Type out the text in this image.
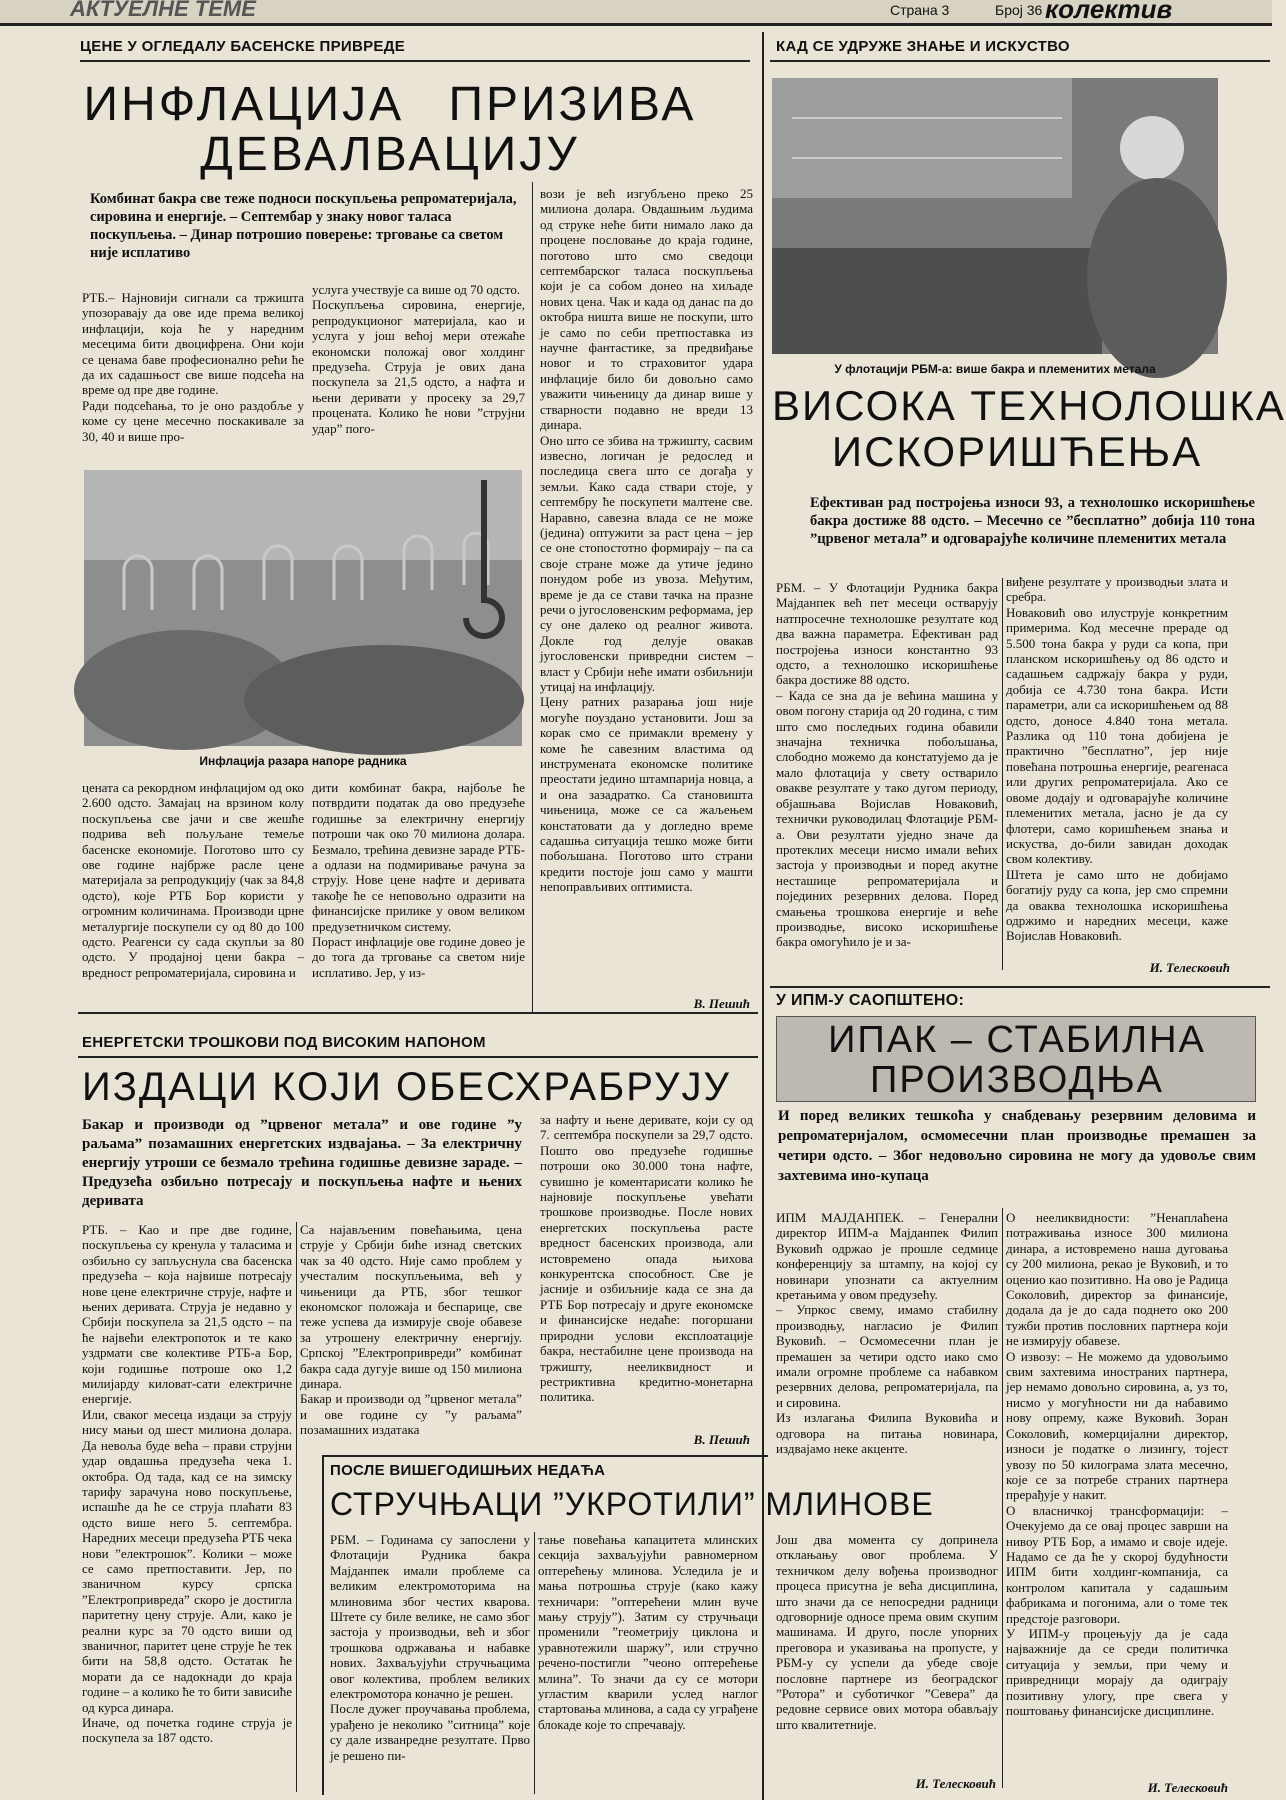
АКТУЕЛНЕ ТЕМЕ	Страна 3	Број 36 колектив
ЦЕНЕ У ОГЛЕДАЛУ БАСЕНСКЕ ПРИВРЕДЕ
ИНФЛАЦИЈА ПРИЗИВА
ДЕВАЛВАЦИЈУ
Комбинат бакра све теже подноси поскупљења репроматеријала, сировина и енергије. – Септембар у знаку новог таласа поскупљења. – Динар потрошио поверење: трговање са светом није исплативо
РТБ.– Најновији сигнали са тржишта упозоравају да ове иде према великој инфлацији, која ће у наредним месецима бити двоцифрена. Они који се ценама баве професионално рећи ће да их садашњост све више подсећа на време од пре две године.
Ради подсећања, то је оно раздобље у коме су цене месечно поскакивале за 30, 40 и више про-
услуга учествује са више од 70 одсто.
Поскупљења сировина, енергије, репродукционог материјала, као и услуга у још већој мери отежаће економски положај овог холдинг предузећа. Струја је ових дана поскупела за 21,5 одсто, а нафта и њени деривати у просеку за 29,7 процената. Колико ће нови ”струјни удар” пого-
Инфлација разара напоре радника
цената са рекордном инфлацијом од око 2.600 одсто. Замајац на врзином колу поскупљења све јачи и све жешће подрива већ пољуљане темеље басенске економије. Поготово што су ове године најбрже расле цене материјала за репродукцију (чак за 84,8 одсто), које РТБ Бор користи у огромним количинама. Производи црне металургије поскупели су од 80 до 100 одсто. Реагенси су сада скупљи за 80 одсто. У продајној цени бакра – вредност репроматеријала, сировина и
дити комбинат бакра, најбоље ће потврдити податак да ово предузеће годишње за електричну енергију потроши чак око 70 милиона долара. Безмало, трећина девизне зараде РТБ-а одлази на подмиривање рачуна за струју. Нове цене нафте и деривата такође ће се неповољно одразити на финансијске прилике у овом великом предузетничком систему.
Пораст инфлације ове године довео је до тога да трговање са светом није исплативо. Јер, у из-
вози је већ изгубљено преко 25 милиона долара. Овдашњим људима од струке неће бити нимало лако да процене пословање до краја године, поготово што смо сведоци септембарског таласа поскупљења који је са собом донео на хиљаде нових цена. Чак и када од данас па до октобра ништа више не поскупи, што је само по себи претпоставка из научне фантастике, за предвиђање новог и то страховитог удара инфлације било би довољно само уважити чињеницу да динар више у стварности подавно не вреди 13 динара.
Оно што се збива на тржишту, сасвим извесно, логичан је редослед и последица свега што се догађа у земљи. Како сада ствари стоје, у септембру ће поскупети малтене све. Наравно, савезна влада се не може (једина) оптужити за раст цена – јер се оне стопостотно формирају – па са своје стране може да утиче једино понудом робе из увоза. Међутим, време је да се стави тачка на празне речи о југословенским реформама, јер су оне далеко од реалног живота. Докле год делује овакав југословенски привредни систем – власт у Србији неће имати озбиљнији утицај на инфлацију.
Цену ратних разарања још није могуће поуздано установити. Још за корак смо се примакли времену у коме ће савезним властима од инструмената економске политике преостати једино штампарија новца, а и она зазадратко. Са становишта чињеница, може се са жаљењем констатовати да у догледно време садашња ситуација тешко може бити побољшана. Поготово што страни кредити постоје још само у машти непоправљивих оптимиста.
В. Пешић
КАД СЕ УДРУЖЕ ЗНАЊЕ И ИСКУСТВО
У флотацији РБМ-а: више бакра и племенитих метала
ВИСОКА ТЕХНОЛОШКА
ИСКОРИШЋЕЊА
Ефективан рад постројења износи 93, а технолошко искоришћење бакра достиже 88 одсто. – Месечно се ”бесплатно” добија 110 тона ”црвеног метала” и одговарајуће количине племенитих метала
РБМ. – У Флотацији Рудника бакра Мајданпек већ пет месеци остварују натпросечне технолошке резултате код два важна параметра. Ефективан рад постројења износи константно 93 одсто, а технолошко искоришћење бакра достиже 88 одсто.
– Када се зна да је већина машина у овом погону старија од 20 година, с тим што смо последњих година обавили значајна техничка побољшања, слободно можемо да констатујемо да је мало флотација у свету остварило овакве резултате у тако дугом периоду, објашњава Војислав Новаковић, технички руководилац Флотације РБМ-а. Ови резултати уједно значе да протеклих месеци нисмо имали већих застоја у производњи и поред акутне несташице репроматеријала и појединих резервних делова. Поред смањења трошкова енергије и веће производње, високо искоришћење бакра омогућило је и за-
виђене резултате у производњи злата и сребра.
Новаковић ово илуструје конкретним примерима. Код месечне прераде од 5.500 тона бакра у руди са копа, при планском искоришћењу од 86 одсто и садашњем садржају бакра у руди, добија се 4.730 тона бакра. Исти параметри, али са искоришћењем од 88 одсто, доносе 4.840 тона метала. Разлика од 110 тона добијена је практично ”бесплатно”, јер није повећана потрошња енергије, реагенаса или других репроматеријала. Ако се овоме додају и одговарајуће количине племенитих метала, јасно је да су флотери, само коришћењем знања и искуства, до-били завидан доходак свом колективу.
Штета је само што не добијамо богатију руду са копа, јер смо спремни да оваква технолошка искоришћења одржимо и наредних месеци, каже Војислав Новаковић.
И. Телесковић
У ИПМ-У САОПШТЕНО:
ИПАК – СТАБИЛНА
ПРОИЗВОДЊА
И поред великих тешкоћа у снабдевању резервним деловима и репроматеријалом, осмомесечни план производње премашен за четири одсто. – Због недовољно сировина не могу да удовоље свим захтевима ино-купаца
ИПМ МАЈДАНПЕК. – Генерални директор ИПМ-а Мајданпек Филип Вуковић одржао је прошле седмице конференцију за штампу, на којој су новинари упознати са актуелним кретањима у овом предузећу.
– Упркос свему, имамо стабилну производњу, нагласио је Филип Вуковић. – Осмомесечни план је премашен за четири одсто иако смо имали огромне проблеме са набавком резервних делова, репроматеријала, па и сировина.
Из излагања Филипа Вуковића и одговора на питања новинара, издвајамо неке акценте.
О нееликвидности: ”Ненаплаћена потраживања износе 300 милиона динара, а истовремено наша дуговања су 200 милиона, рекао је Вуковић, и то оценио као позитивно. На ово је Радица Соколовић, директор за финансије, додала да је до сада поднето око 200 тужби против пословних партнера који не измирују обавезе.
О извозу: – Не можемо да удовољимо свим захтевима иностраних партнера, јер немамо довољно сировина, а, уз то, нисмо у могућности ни да набавимо нову опрему, каже Вуковић. Зоран Соколовић, комерцијални директор, износи је податке о лизингу, тојест увозу по 50 килограма злата месечно, које се за потребе страних партнера прерађује у накит.
О власничкој трансформацији: – Очекујемо да се овај процес заврши на нивоу РТБ Бор, а имамо и своје идеје. Надамо се да ће у скорој будућности ИПМ бити холдинг-компанија, са контролом капитала у садашњим фабрикама и погонима, али о томе тек предстоје разговори.
У ИПМ-у процењују да је сада најважније да се среди политичка ситуација у земљи, при чему и привредници морају да одиграју позитивну улогу, пре свега у поштовању финансијске дисциплине.
И. Телесковић
ЕНЕРГЕТСКИ ТРОШКОВИ ПОД ВИСОКИМ НАПОНОМ
ИЗДАЦИ КОЈИ ОБЕСХРАБРУЈУ
Бакар и производи од ”црвеног метала” и ове године ”у раљама” позамашних енергетских издвајања. – За електричну енергију утроши се безмало трећина годишње девизне зараде. – Предузећа озбиљно потресају и поскупљења нафте и њених деривата
РТБ. – Као и пре две године, поскупљења су кренула у таласима и озбиљно су запљуснула сва басенска предузећа – која највише потресају нове цене електричне струје, нафте и њених деривата. Струја је недавно у Србији поскупела за 21,5 одсто – па ће највећи електропоток и те како уздрмати све колективе РТБ-а Бор, који годишње потроше око 1,2 милијарду киловат-сати електричне енергије.
Или, сваког месеца издаци за струју нису мањи од шест милиона долара. Да невоља буде већа – прави струјни удар овдашња предузећа чека 1. октобра. Од тада, кад се на зимску тарифу зарачуна ново поскупљење, испашће да ће се струја плаћати 83 одсто више него 5. септембра. Наредних месеци предузећа РТБ чека нови ”електрошок”. Колики – може се само претпоставити. Јер, по званичном курсу српска ”Електропривреда” скоро је достигла паритетну цену струје. Али, како је реални курс за 70 одсто виши од званичног, паритет цене струје ће тек бити на 58,8 одсто. Остатак ће морати да се надокнади до краја године – а колико ће то бити зависиће од курса динара.
Иначе, од почетка године струја је поскупела за 187 одсто.
Са најављеним повећањима, цена струје у Србији биће изнад светских чак за 40 одсто. Није само проблем у учесталим поскупљењима, већ у чињеници да РТБ, због тешког економског положаја и беспарице, све теже успева да измирује своје обавезе за утрошену електричну енергију. Српској ”Електропривреди” комбинат бакра сада дугује више од 150 милиона динара.
Бакар и производи од ”црвеног метала” и ове године су ”у раљама” позамашних издатака
за нафту и њене деривате, који су од 7. септембра поскупели за 29,7 одсто. Пошто ово предузеће годишње потроши око 30.000 тона нафте, сувишно је коментарисати колико ће најновије поскупљење увећати трошкове производње. После нових енергетских поскупљења расте вредност басенских производа, али истовремено опада њихова конкурентска способност. Све је јасније и озбиљније када се зна да РТБ Бор потресају и друге економске и финансијске недаће: погоршани природни услови експлоатације бакра, нестабилне цене производа на тржишту, нееликвидност и рестриктивна кредитно-монетарна политика.
В. Пешић
ПОСЛЕ ВИШЕГОДИШЊИХ НЕДАЋА
СТРУЧЊАЦИ ”УКРОТИЛИ” МЛИНОВЕ
РБМ. – Годинама су запослени у Флотацији Рудника бакра Мајданпек имали проблеме са великим електромоторима на млиновима због честих кварова. Штете су биле велике, не само због застоја у производњи, већ и због трошкова одржавања и набавке нових. Захваљујући стручњацима овог колектива, проблем великих електромотора коначно је решен.
После дужег проучавања проблема, урађено је неколико ”ситница” које су дале изванредне резултате. Прво је решено пи-
тање повећања капацитета млинских секција захваљујући равномерном оптерећењу млинова. Уследила је и мања потрошња струје (како кажу техничари: ”оптерећени млин вуче мању струју”). Затим су стручњаци променили ”геометрију циклона и уравнотежили шаржу”, или стручно речено-постигли ”чеоно оптерећење млина”. То значи да су се мотори угластим кварили услед наглог стартовања млинова, а сада су уграђене блокаде које то спречавају.
Још два момента су допринела отклањању овог проблема. У техничком делу вођења производног процеса присутна је већа дисциплина, што значи да се непосредни радници одговорније односе према овим скупим машинама. И друго, после упорних преговора и указивања на пропусте, у РБМ-у су успели да убеде своје пословне партнере из београдског ”Ротора” и суботичког ”Севера” да редовне сервисе ових мотора обављају што квалитетније.
И. Телесковић
